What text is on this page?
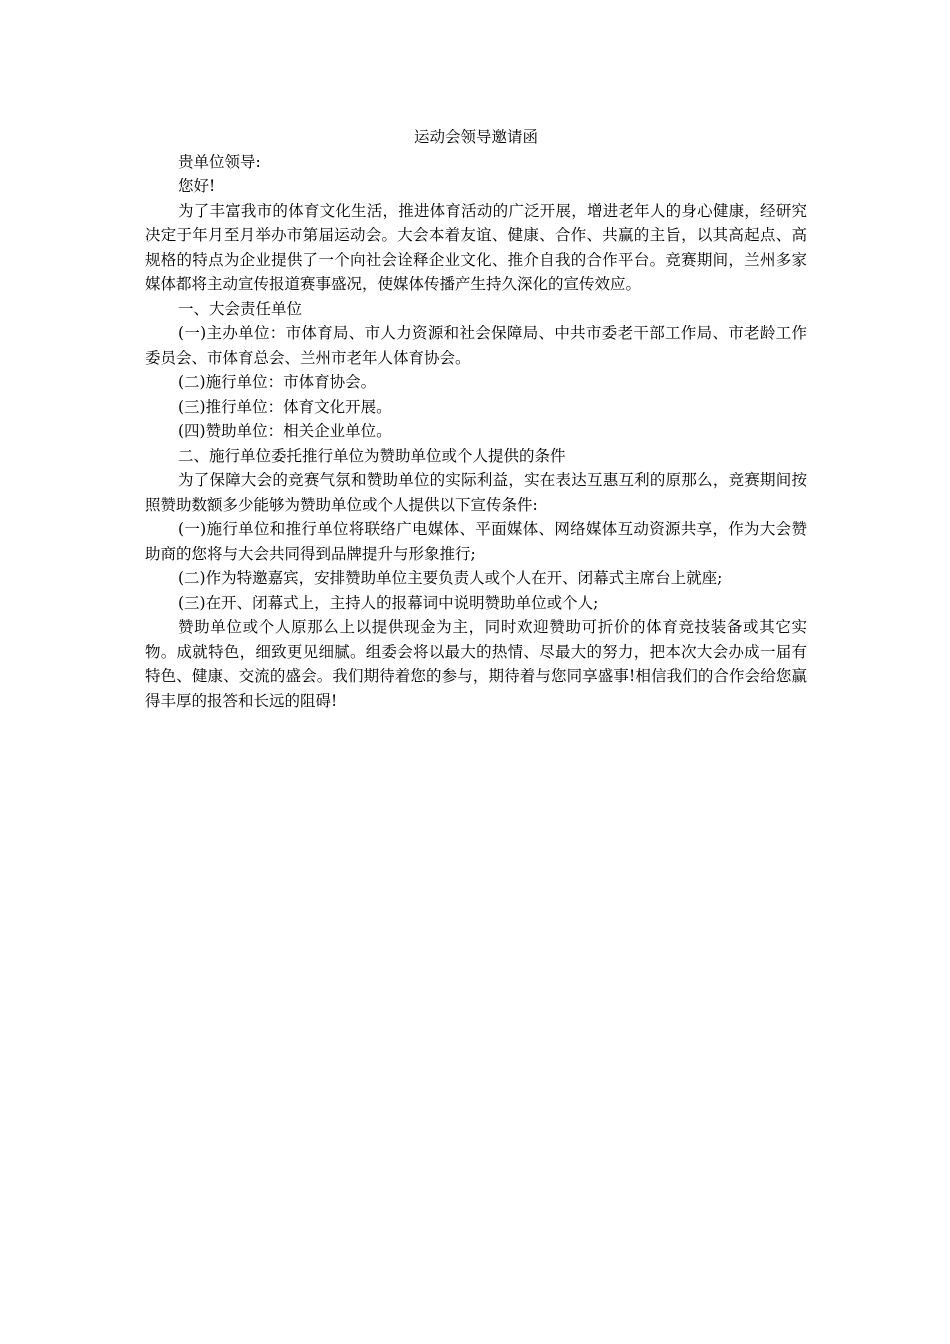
运动会领导邀请函

贵单位领导:

您好!

为了丰富我市的体育文化生活，推进体育活动的广泛开展，增进老年人的身心健康，经研究决定于年月至月举办市第届运动会。大会本着友谊、健康、合作、共赢的主旨，以其高起点、高规格的特点为企业提供了一个向社会诠释企业文化、推介自我的合作平台。竞赛期间，兰州多家媒体都将主动宣传报道赛事盛况，使媒体传播产生持久深化的宣传效应。

一、大会责任单位

(一)主办单位：市体育局、市人力资源和社会保障局、中共市委老干部工作局、市老龄工作委员会、市体育总会、兰州市老年人体育协会。

(二)施行单位：市体育协会。

(三)推行单位：体育文化开展。

(四)赞助单位：相关企业单位。

二、施行单位委托推行单位为赞助单位或个人提供的条件

为了保障大会的竞赛气氛和赞助单位的实际利益，实在表达互惠互利的原那么，竞赛期间按照赞助数额多少能够为赞助单位或个人提供以下宣传条件:

(一)施行单位和推行单位将联络广电媒体、平面媒体、网络媒体互动资源共享，作为大会赞助商的您将与大会共同得到品牌提升与形象推行;

(二)作为特邀嘉宾，安排赞助单位主要负责人或个人在开、闭幕式主席台上就座;

(三)在开、闭幕式上，主持人的报幕词中说明赞助单位或个人;

赞助单位或个人原那么上以提供现金为主，同时欢迎赞助可折价的体育竞技装备或其它实物。成就特色，细致更见细腻。组委会将以最大的热情、尽最大的努力，把本次大会办成一届有特色、健康、交流的盛会。我们期待着您的参与，期待着与您同享盛事!相信我们的合作会给您赢得丰厚的报答和长远的阻碍!
